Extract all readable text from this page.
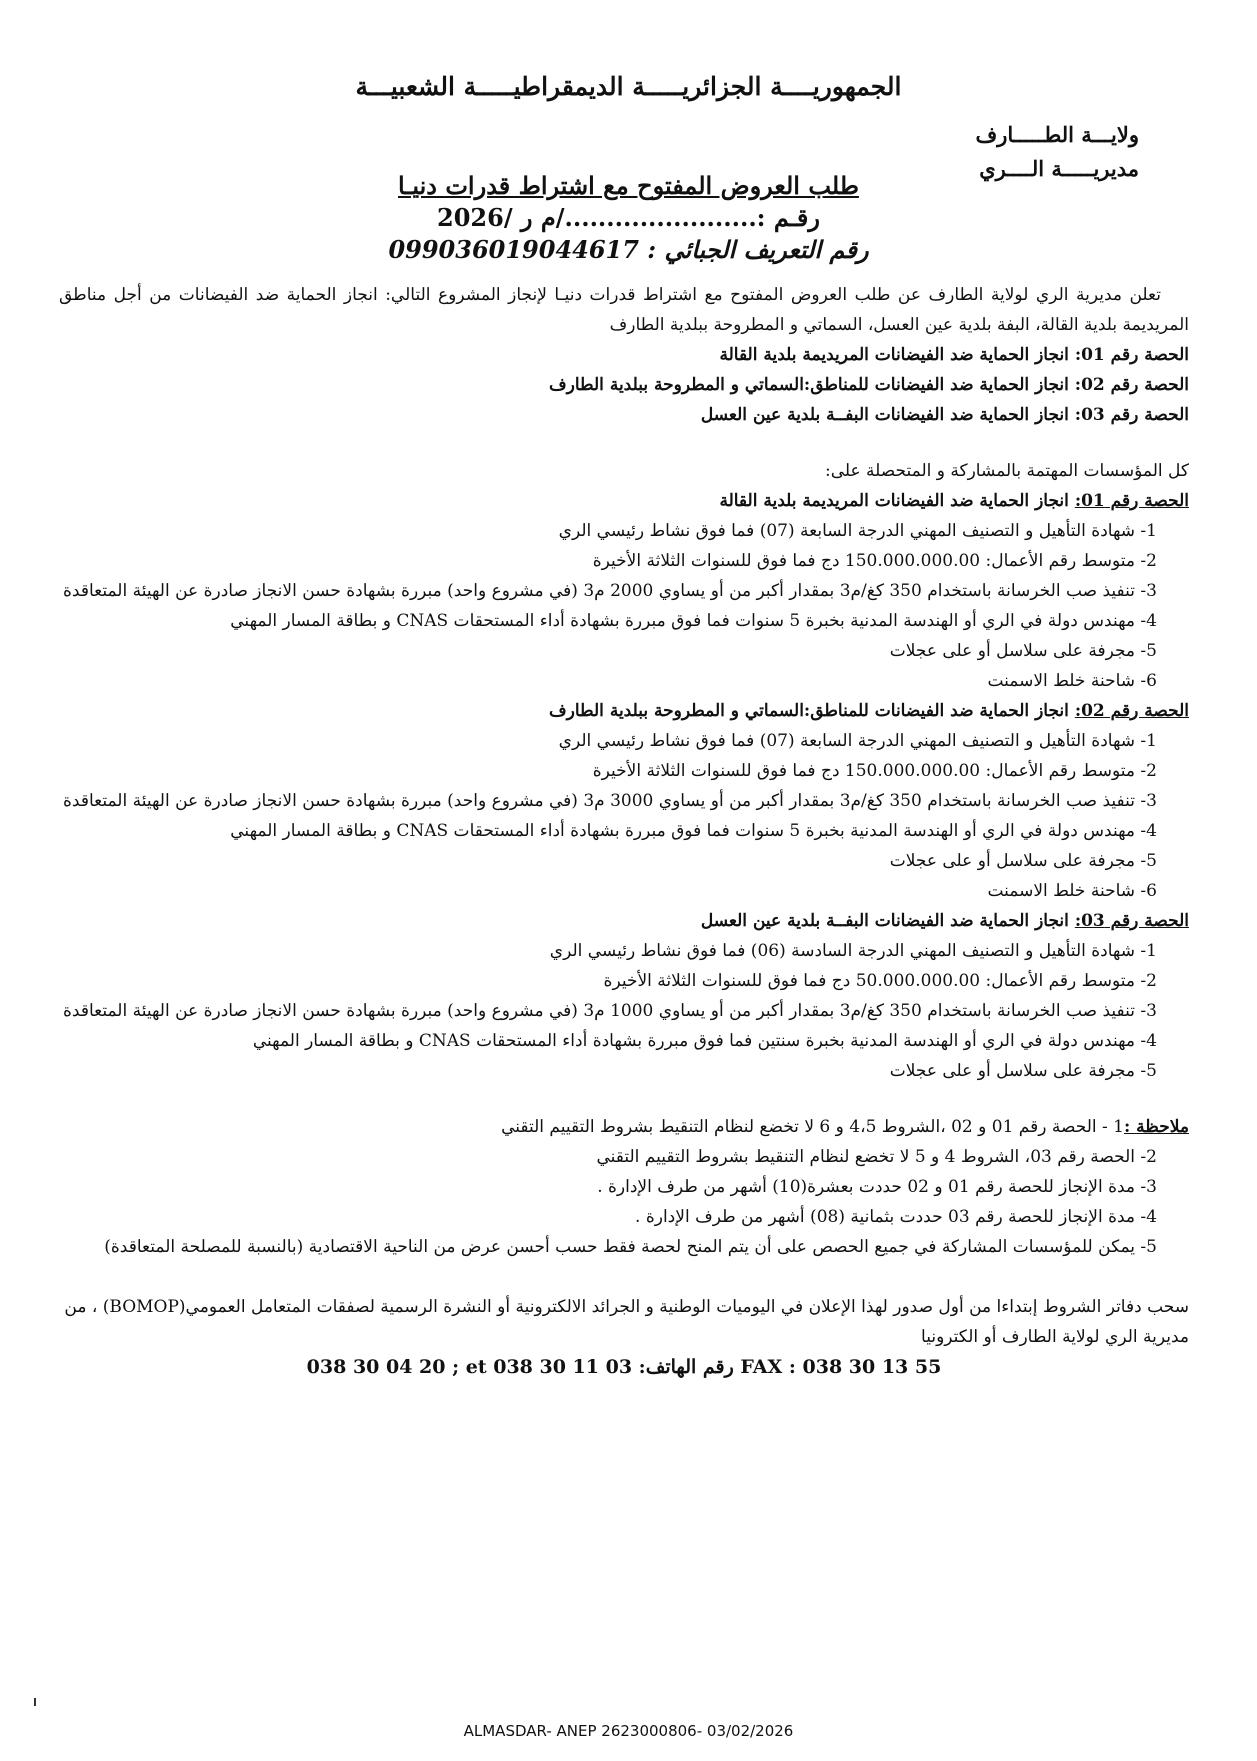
الجمهوريــــة الجزائريـــــة الديمقراطيـــــة الشعبيـــة
ولايـــة الطـــــارف
مديريـــــة الــــري
طلب العروض المفتوح مع اشتراط قدرات دنيـا
رقـم :......................./م ر /2026
رقم التعريف الجبائي : 099036019044617

تعلن مديرية الري لولاية الطارف عن طلب العروض المفتوح مع اشتراط قدرات دنيـا لإنجاز المشروع التالي: انجاز الحماية ضد الفيضانات من أجل مناطق المريديمة بلدية القالة، البفة بلدية عين العسل، السماتي و المطروحة ببلدية الطارف

الحصة رقم 01: انجاز الحماية ضد الفيضانات المريديمة بلدية القالة

الحصة رقم 02: انجاز الحماية ضد الفيضانات للمناطق:السماتي و المطروحة ببلدية الطارف

الحصة رقم 03: انجاز الحماية ضد الفيضانات البفــة بلدية عين العسل

كل المؤسسات المهتمة بالمشاركة و المتحصلة على:

الحصة رقم 01: انجاز الحماية ضد الفيضانات المريديمة بلدية القالة

1- شهادة التأهيل و التصنيف المهني الدرجة السابعة (07) فما فوق نشاط رئيسي الري
2- متوسط رقم الأعمال: 150.000.000.00 دج فما فوق للسنوات الثلاثة الأخيرة
3- تنفيذ صب الخرسانة باستخدام 350 كغ/م3 بمقدار أكبر من أو يساوي 2000 م3 (في مشروع واحد) مبررة بشهادة حسن الانجاز صادرة عن الهيئة المتعاقدة
4- مهندس دولة في الري أو الهندسة المدنية بخبرة 5 سنوات فما فوق مبررة بشهادة أداء المستحقات CNAS و بطاقة المسار المهني
5- مجرفة على سلاسل أو على عجلات
6- شاحنة خلط الاسمنت

الحصة رقم 02: انجاز الحماية ضد الفيضانات للمناطق:السماتي و المطروحة ببلدية الطارف

1- شهادة التأهيل و التصنيف المهني الدرجة السابعة (07) فما فوق نشاط رئيسي الري
2- متوسط رقم الأعمال: 150.000.000.00 دج فما فوق للسنوات الثلاثة الأخيرة
3- تنفيذ صب الخرسانة باستخدام 350 كغ/م3 بمقدار أكبر من أو يساوي 3000 م3 (في مشروع واحد) مبررة بشهادة حسن الانجاز صادرة عن الهيئة المتعاقدة
4- مهندس دولة في الري أو الهندسة المدنية بخبرة 5 سنوات فما فوق مبررة بشهادة أداء المستحقات CNAS و بطاقة المسار المهني
5- مجرفة على سلاسل أو على عجلات
6- شاحنة خلط الاسمنت

الحصة رقم 03: انجاز الحماية ضد الفيضانات البفــة بلدية عين العسل

1- شهادة التأهيل و التصنيف المهني الدرجة السادسة (06) فما فوق نشاط رئيسي الري
2- متوسط رقم الأعمال: 50.000.000.00 دج فما فوق للسنوات الثلاثة الأخيرة
3- تنفيذ صب الخرسانة باستخدام 350 كغ/م3 بمقدار أكبر من أو يساوي 1000 م3 (في مشروع واحد) مبررة بشهادة حسن الانجاز صادرة عن الهيئة المتعاقدة
4- مهندس دولة في الري أو الهندسة المدنية بخبرة سنتين فما فوق مبررة بشهادة أداء المستحقات CNAS و بطاقة المسار المهني
5- مجرفة على سلاسل أو على عجلات

ملاحظة :1 - الحصة رقم 01 و 02 ،الشروط 4،5 و 6 لا تخضع لنظام التنقيط بشروط التقييم التقني

2- الحصة رقم 03، الشروط 4 و 5 لا تخضع لنظام التنقيط بشروط التقييم التقني
3- مدة الإنجاز للحصة رقم 01 و 02 حددت بعشرة(10) أشهر من طرف الإدارة .
4- مدة الإنجاز للحصة رقم 03 حددت بثمانية (08) أشهر من طرف الإدارة .
5- يمكن للمؤسسات المشاركة في جميع الحصص على أن يتم المنح لحصة فقط حسب أحسن عرض من الناحية الاقتصادية (بالنسبة للمصلحة المتعاقدة)

سحب دفاتر الشروط إبتداءا من أول صدور لهذا الإعلان في اليوميات الوطنية و الجرائد الالكترونية أو النشرة الرسمية لصفقات المتعامل العمومي(BOMOP) ، من مديرية الري لولاية الطارف أو الكترونيا

038 30 04 20 ; et 038 30 11 03 :رقم الهاتف FAX : 038 30 13 55

ALMASDAR- ANEP 2623000806- 03/02/2026
